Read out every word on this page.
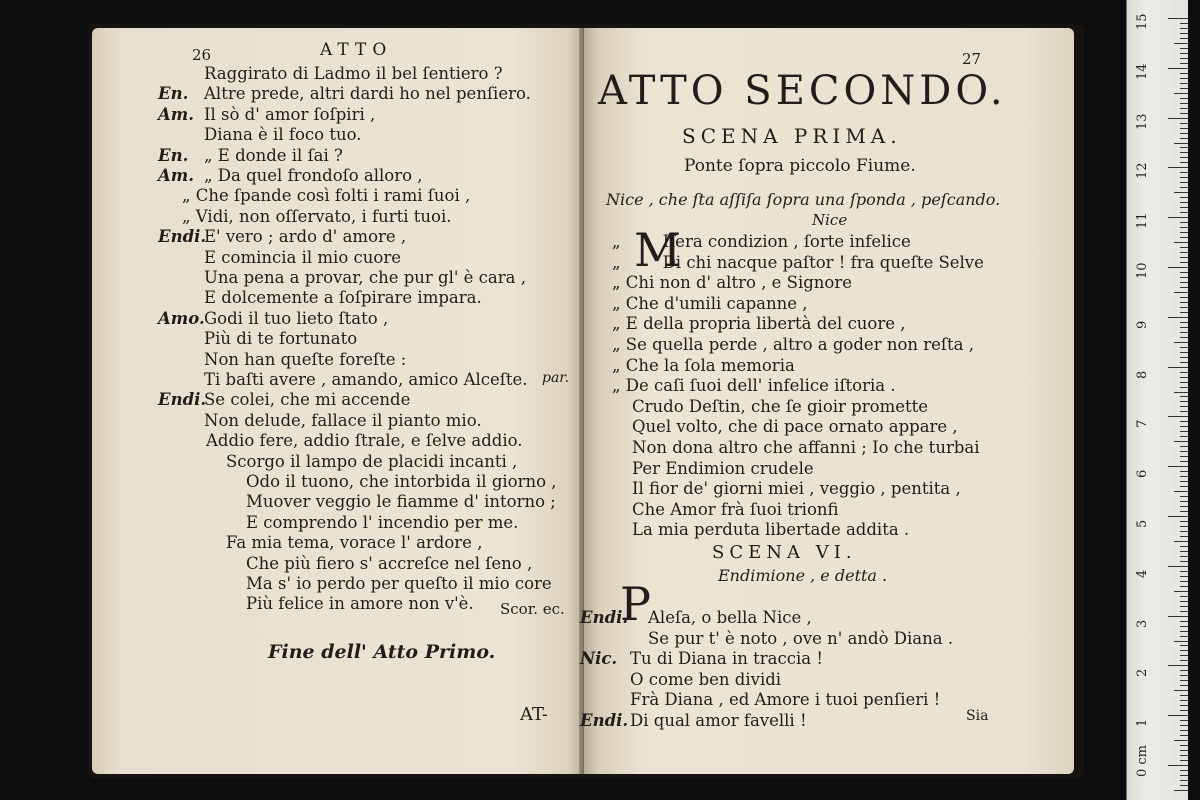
26	ATTO
Raggirato di Ladmo il bel ſentiero ?
En. Altre prede, altri dardi ho nel penſiero.
Am. Il sò d' amor ſoſpiri ,
Diana è il foco tuo.
En. „ E donde il ſai ?
Am. „ Da quel frondoſo alloro ,
„ Che ſpande così folti i rami ſuoi ,
„ Vidi, non oſſervato, i furti tuoi.
Endi.
E' vero ; ardo d' amore ,
E comincia il mio cuore
Una pena a provar, che pur gl' è cara ,
E dolcemente a ſoſpirare impara.
Amo. Godi il tuo lieto ſtato ,
Più di te fortunato
Non han queſte foreſte :
Ti baſti avere , amando, amico Alceſte.
Endi.
Se colei, che mi accende
Non delude, fallace il pianto mio.
Addio fere, addio ſtrale, e ſelve addio.
Scorgo il lampo de placidi incanti ,
Odo il tuono, che intorbida il giorno ,
Muover veggio le fiamme d' intorno ;
E comprendo l' incendio per me.
Fa mia tema, vorace l' ardore ,
Che più fiero s' accreſce nel ſeno ,
Ma s' io perdo per queſto il mio core
Più felice in amore non v'è.
par.
Scor. ec.
Fine dell' Atto Primo.
AT-
27
ATTO SECONDO.
SCENA PRIMA.
Ponte ſopra piccolo Fiume.
Nice , che ſta aſſiſa ſopra una ſponda , peſcando.
Nice
M
„	Iſera condizion , ſorte infelice
„	Di chi nacque paſtor ! fra queſte Selve
„ Chi non d' altro , e Signore
„ Che d'umili capanne ,
„ E della propria libertà del cuore ,
„ Se quella perde , altro a goder non reſta ,
„ Che la ſola memoria
„ De caſi ſuoi dell' infelice iſtoria .
Crudo Deſtin, che ſe gioir promette
Quel volto, che di pace ornato appare ,
Non dona altro che affanni ; Io che turbai
Per Endimion crudele
Il fior de' giorni miei , veggio , pentita ,
Che Amor frà ſuoi trionfi
La mia perduta libertade addita .
SCENA VI.
Endimione , e detta .
P
Endi. Aleſa, o bella Nice ,
Se pur t' è noto , ove n' andò Diana .
Nic. Tu di Diana in traccia !
O come ben dividi
Frà Diana , ed Amore i tuoi penſieri !
Endi. Di qual amor favelli !	Sia
15
14
13
12
11
10
9
8
7
6
5
4
3
2
1
0 cm
